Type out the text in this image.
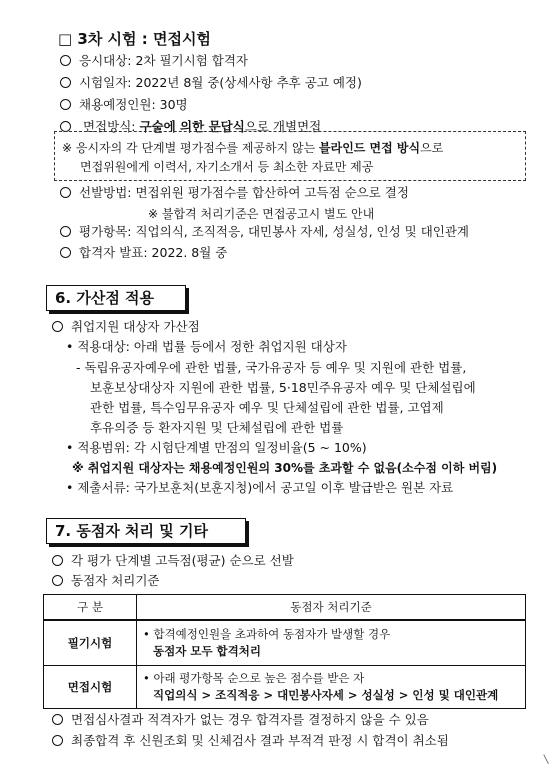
□ 3차 시험 : 면접시험
응시대상: 2차 필기시험 합격자
시험일자: 2022년 8월 중(상세사항 추후 공고 예정)
채용예정인원: 30명
면접방식: 구술에 의한 문답식으로 개별면접
※ 응시자의 각 단계별 평가점수를 제공하지 않는 블라인드 면접 방식으로
면접위원에게 이력서, 자기소개서 등 최소한 자료만 제공
선발방법: 면접위원 평가점수를 합산하여 고득점 순으로 결정
※ 불합격 처리기준은 면접공고시 별도 안내
평가항목: 직업의식, 조직적응, 대민봉사 자세, 성실성, 인성 및 대인관계
합격자 발표: 2022. 8월 중
6. 가산점 적용
취업지원 대상자 가산점
• 적용대상: 아래 법률 등에서 정한 취업지원 대상자
- 독립유공자예우에 관한 법률, 국가유공자 등 예우 및 지원에 관한 법률,
보훈보상대상자 지원에 관한 법률, 5·18민주유공자 예우 및 단체설립에
관한 법률, 특수임무유공자 예우 및 단체설립에 관한 법률, 고엽제
후유의증 등 환자지원 및 단체설립에 관한 법률
• 적용범위: 각 시험단계별 만점의 일정비율(5 ~ 10%)
※ 취업지원 대상자는 채용예정인원의 30%를 초과할 수 없음(소수점 이하 버림)
• 제출서류: 국가보훈처(보훈지청)에서 공고일 이후 발급받은 원본 자료
7. 동점자 처리 및 기타
각 평가 단계별 고득점(평균) 순으로 선발
동점자 처리기준
구 분	동점자 처리기준
필기시험	• 합격예정인원을 초과하여 동점자가 발생할 경우
동점자 모두 합격처리

면접시험	• 아래 평가항목 순으로 높은 점수를 받은 자
직업의식 > 조직적응 > 대민봉사자세 > 성실성 > 인성 및 대인관계
면접심사결과 적격자가 없는 경우 합격자를 결정하지 않을 수 있음
최종합격 후 신원조회 및 신체검사 결과 부적격 판정 시 합격이 취소됨
\
